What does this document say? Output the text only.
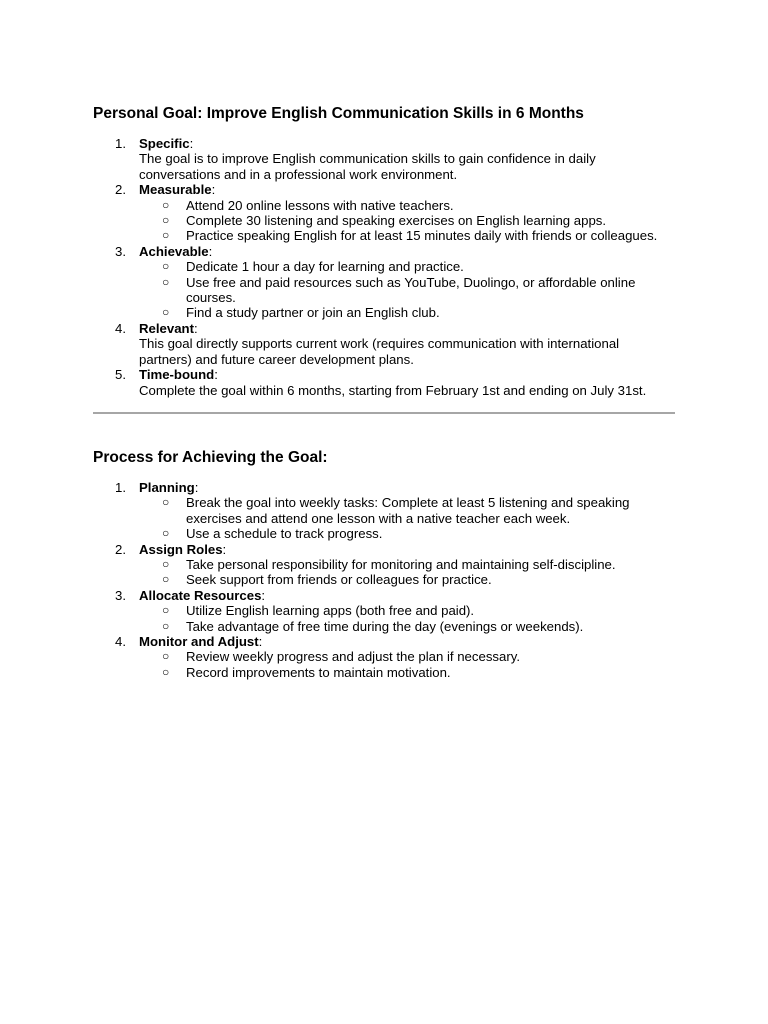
Personal Goal: Improve English Communication Skills in 6 Months
1. Specific:
The goal is to improve English communication skills to gain confidence in daily conversations and in a professional work environment.
2. Measurable:
○ Attend 20 online lessons with native teachers.
○ Complete 30 listening and speaking exercises on English learning apps.
○ Practice speaking English for at least 15 minutes daily with friends or colleagues.
3. Achievable:
○ Dedicate 1 hour a day for learning and practice.
○ Use free and paid resources such as YouTube, Duolingo, or affordable online courses.
○ Find a study partner or join an English club.
4. Relevant:
This goal directly supports current work (requires communication with international partners) and future career development plans.
5. Time-bound:
Complete the goal within 6 months, starting from February 1st and ending on July 31st.
Process for Achieving the Goal:
1. Planning:
○ Break the goal into weekly tasks: Complete at least 5 listening and speaking exercises and attend one lesson with a native teacher each week.
○ Use a schedule to track progress.
2. Assign Roles:
○ Take personal responsibility for monitoring and maintaining self-discipline.
○ Seek support from friends or colleagues for practice.
3. Allocate Resources:
○ Utilize English learning apps (both free and paid).
○ Take advantage of free time during the day (evenings or weekends).
4. Monitor and Adjust:
○ Review weekly progress and adjust the plan if necessary.
○ Record improvements to maintain motivation.
